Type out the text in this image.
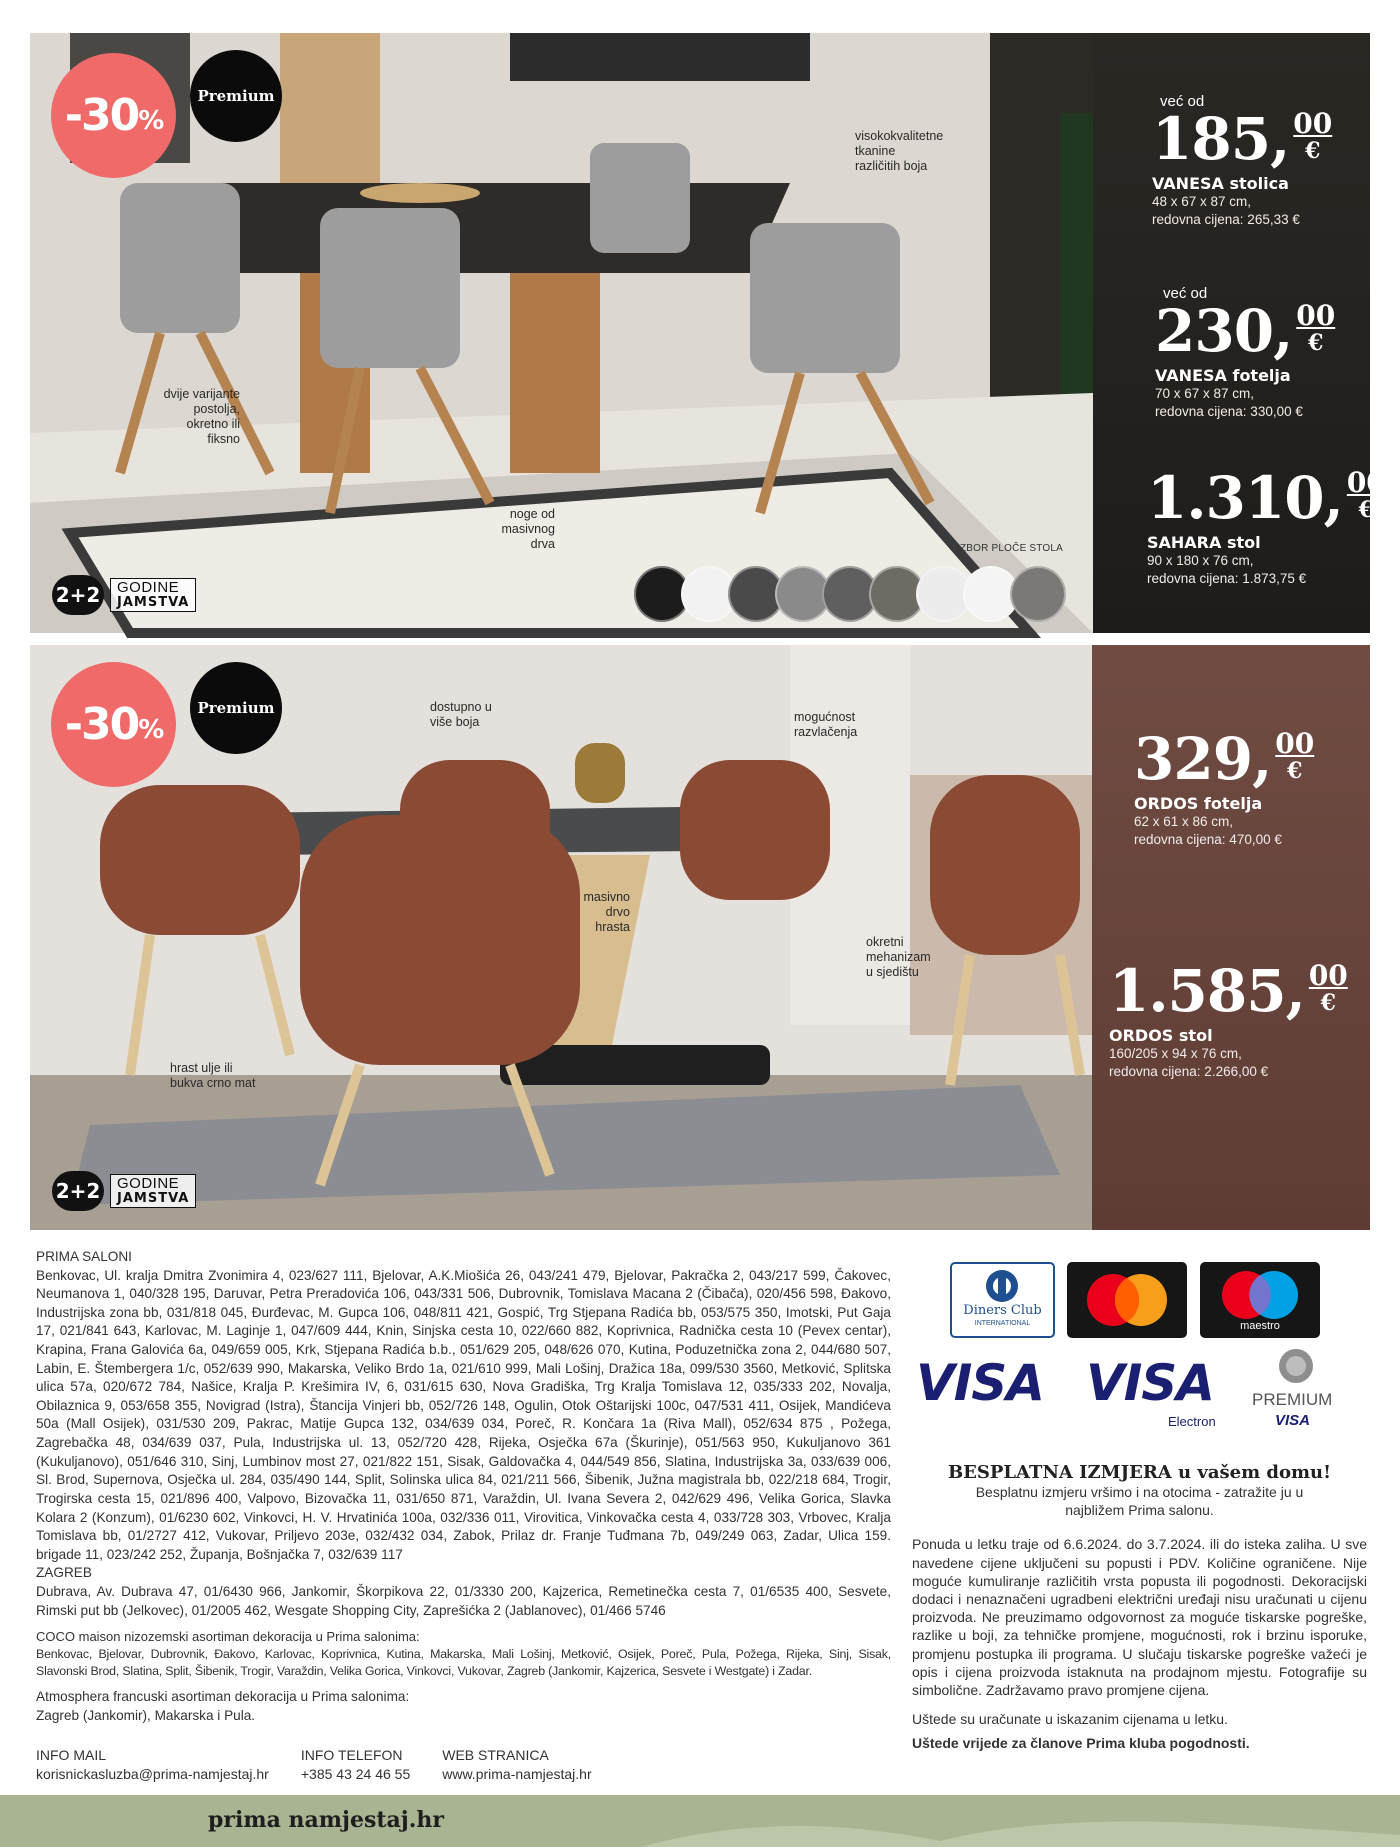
-30 %
Premium
visokokvalitetne
tkanine
različitih boja
dvije varijante
postolja,
okretno ili
fiksno
noge od
masivnog
drva	IZBOR PLOČE STOLA
2+2 GODINE
JAMSTVA
već od
185, 00
€
VANESA stolica
48 x 67 x 87 cm,
redovna cijena: 265,33 €
već od
230, 00
€
VANESA fotelja
70 x 67 x 87 cm,
redovna cijena: 330,00 €
1.310, 00
€
SAHARA stol
90 x 180 x 76 cm,
redovna cijena: 1.873,75 €
-30 %
Premium	dostupno u
više boja	mogućnost
razvlačenja
masivno
drvo
hrasta
okretni
mehanizam
u sjedištu
hrast ulje ili
bukva crno mat
2+2 GODINE
JAMSTVA
329, 00
€
ORDOS fotelja
62 x 61 x 86 cm,
redovna cijena: 470,00 €
1.585, 00
€
ORDOS stol
160/205 x 94 x 76 cm,
redovna cijena: 2.266,00 €
PRIMA SALONI

Benkovac, Ul. kralja Dmitra Zvonimira 4, 023/627 111, Bjelovar, A.K.Miošića 26, 043/241 479, Bjelovar, Pakračka 2, 043/217 599, Čakovec, Neumanova 1, 040/328 195, Daruvar, Petra Preradovića 106, 043/331 506, Dubrovnik, Tomislava Macana 2 (Čibača), 020/456 598, Đakovo, Industrijska zona bb, 031/818 045, Đurđevac, M. Gupca 106, 048/811 421, Gospić, Trg Stjepana Radića bb, 053/575 350, Imotski, Put Gaja 17, 021/841 643, Karlovac, M. Laginje 1, 047/609 444, Knin, Sinjska cesta 10, 022/660 882, Koprivnica, Radnička cesta 10 (Pevex centar), Krapina, Frana Galovića 6a, 049/659 005, Krk, Stjepana Radića b.b., 051/629 205, 048/626 070, Kutina, Poduzetnička zona 2, 044/680 507, Labin, E. Štembergera 1/c, 052/639 990, Makarska, Veliko Brdo 1a, 021/610 999, Mali Lošinj, Dražica 18a, 099/530 3560, Metković, Splitska ulica 57a, 020/672 784, Našice, Kralja P. Krešimira IV, 6, 031/615 630, Nova Gradiška, Trg Kralja Tomislava 12, 035/333 202, Novalja, Obilaznica 9, 053/658 355, Novigrad (Istra), Štancija Vinjeri bb, 052/726 148, Ogulin, Otok Oštarijski 100c, 047/531 411, Osijek, Mandićeva 50a (Mall Osijek), 031/530 209, Pakrac, Matije Gupca 132, 034/639 034, Poreč, R. Končara 1a (Riva Mall), 052/634 875 , Požega, Zagrebačka 48, 034/639 037, Pula, Industrijska ul. 13, 052/720 428, Rijeka, Osječka 67a (Škurinje), 051/563 950, Kukuljanovo 361 (Kukuljanovo), 051/646 310, Sinj, Lumbinov most 27, 021/822 151, Sisak, Galdovačka 4, 044/549 856, Slatina, Industrijska 3a, 033/639 006, Sl. Brod, Supernova, Osječka ul. 284, 035/490 144, Split, Solinska ulica 84, 021/211 566, Šibenik, Južna magistrala bb, 022/218 684, Trogir, Trogirska cesta 15, 021/896 400, Valpovo, Bizovačka 11, 031/650 871, Varaždin, Ul. Ivana Severa 2, 042/629 496, Velika Gorica, Slavka Kolara 2 (Konzum), 01/6230 602, Vinkovci, H. V. Hrvatinića 100a, 032/336 011, Virovitica, Vinkovačka cesta 4, 033/728 303, Vrbovec, Kralja Tomislava bb, 01/2727 412, Vukovar, Priljevo 203e, 032/432 034, Zabok, Prilaz dr. Franje Tuđmana 7b, 049/249 063, Zadar, Ulica 159. brigade 11, 023/242 252, Županja, Bošnjačka 7, 032/639 117

ZAGREB

Dubrava, Av. Dubrava 47, 01/6430 966, Jankomir, Škorpikova 22, 01/3330 200, Kajzerica, Remetinečka cesta 7, 01/6535 400, Sesvete, Rimski put bb (Jelkovec), 01/2005 462, Wesgate Shopping City, Zaprešićka 2 (Jablanovec), 01/466 5746

COCO maison nizozemski asortiman dekoracija u Prima salonima:

Benkovac, Bjelovar, Dubrovnik, Đakovo, Karlovac, Koprivnica, Kutina, Makarska, Mali Lošinj, Metković, Osijek, Poreč, Pula, Požega, Rijeka, Sinj, Sisak, Slavonski Brod, Slatina, Split, Šibenik, Trogir, Varaždin, Velika Gorica, Vinkovci, Vukovar, Zagreb (Jankomir, Kajzerica, Sesvete i Westgate) i Zadar.

Atmosphera francuski asortiman dekoracija u Prima salonima:

Zagreb (Jankomir), Makarska i Pula.

INFO MAIL
korisnickasluzba@prima-namjestaj.hr
INFO TELEFON
+385 43 24 46 55
WEB STRANICA
www.prima-namjestaj.hr
Diners Club
INTERNATIONAL	maestro
VISA VISA
Electron
PREMIUM
VISA
BESPLATNA IZMJERA u vašem domu!
Besplatnu izmjeru vršimo i na otocima - zatražite ju u najbližem Prima salonu.

Ponuda u letku traje od 6.6.2024. do 3.7.2024. ili do isteka zaliha. U sve navedene cijene uključeni su popusti i PDV. Količine ograničene. Nije moguće kumuliranje različitih vrsta popusta ili pogodnosti. Dekoracijski dodaci i nenaznačeni ugradbeni električni uređaji nisu uračunati u cijenu proizvoda. Ne preuzimamo odgovornost za moguće tiskarske pogreške, razlike u boji, za tehničke promjene, mogućnosti, rok i brzinu isporuke, promjenu postupka ili programa. U slučaju tiskarske pogreške važeći je opis i cijena proizvoda istaknuta na prodajnom mjestu. Fotografije su simbolične. Zadržavamo pravo promjene cijena.

Uštede su uračunate u iskazanim cijenama u letku.

Uštede vrijede za članove Prima kluba pogodnosti.

prima namjestaj.hr
